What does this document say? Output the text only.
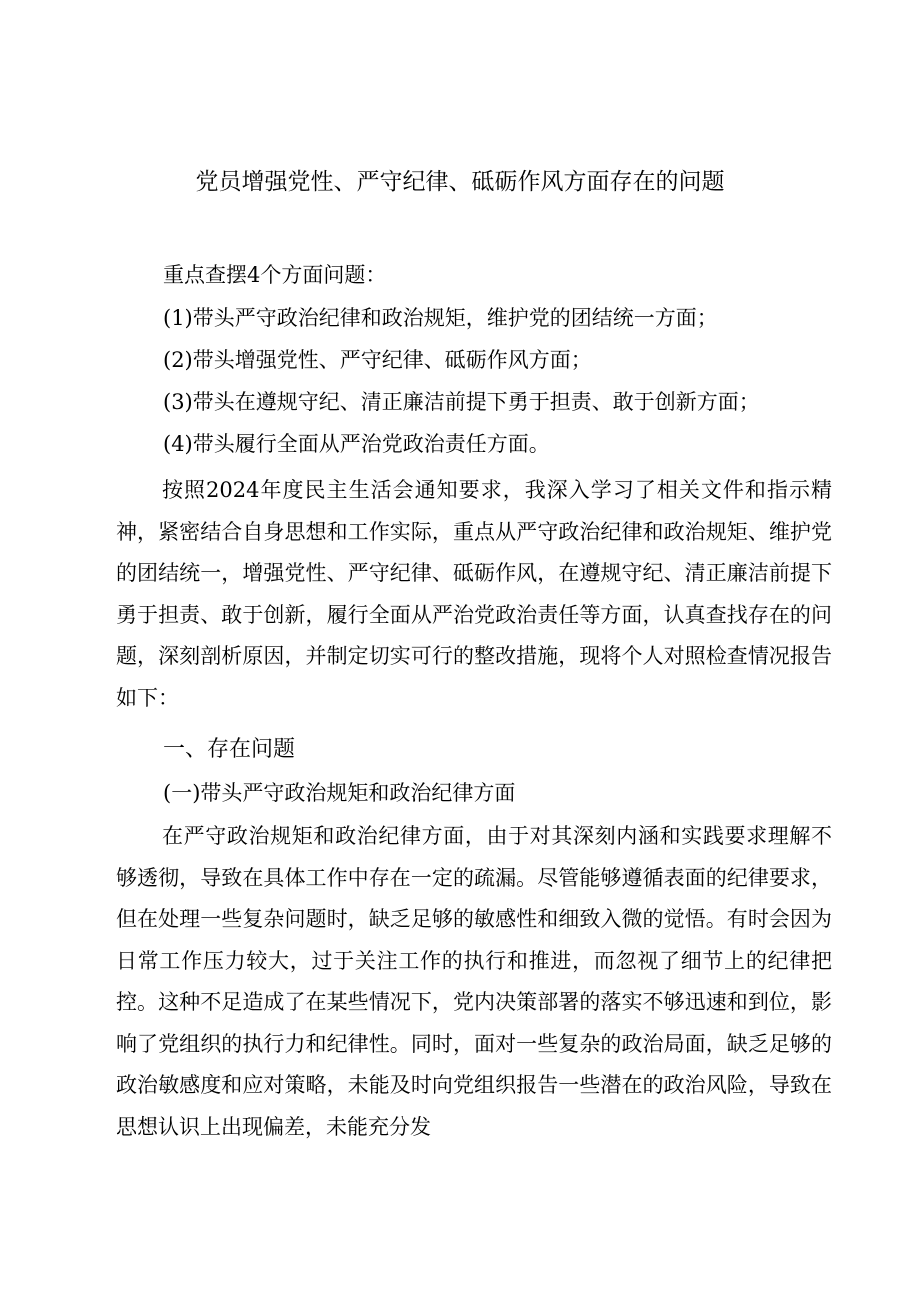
党员增强党性、严守纪律、砥砺作风方面存在的问题
重点查摆4个方面问题：
(1)带头严守政治纪律和政治规矩，维护党的团结统一方面；
(2)带头增强党性、严守纪律、砥砺作风方面；
(3)带头在遵规守纪、清正廉洁前提下勇于担责、敢于创新方面；
(4)带头履行全面从严治党政治责任方面。

按照2024年度民主生活会通知要求，我深入学习了相关文件和指示精神，紧密结合自身思想和工作实际，重点从严守政治纪律和政治规矩、维护党的团结统一，增强党性、严守纪律、砥砺作风，在遵规守纪、清正廉洁前提下勇于担责、敢于创新，履行全面从严治党政治责任等方面，认真查找存在的问题，深刻剖析原因，并制定切实可行的整改措施，现将个人对照检查情况报告如下：

一、存在问题
(一)带头严守政治规矩和政治纪律方面

在严守政治规矩和政治纪律方面，由于对其深刻内涵和实践要求理解不够透彻，导致在具体工作中存在一定的疏漏。尽管能够遵循表面的纪律要求，但在处理一些复杂问题时，缺乏足够的敏感性和细致入微的觉悟。有时会因为日常工作压力较大，过于关注工作的执行和推进，而忽视了细节上的纪律把控。这种不足造成了在某些情况下，党内决策部署的落实不够迅速和到位，影响了党组织的执行力和纪律性。同时，面对一些复杂的政治局面，缺乏足够的政治敏感度和应对策略，未能及时向党组织报告一些潜在的政治风险，导致在思想认识上出现偏差，未能充分发
